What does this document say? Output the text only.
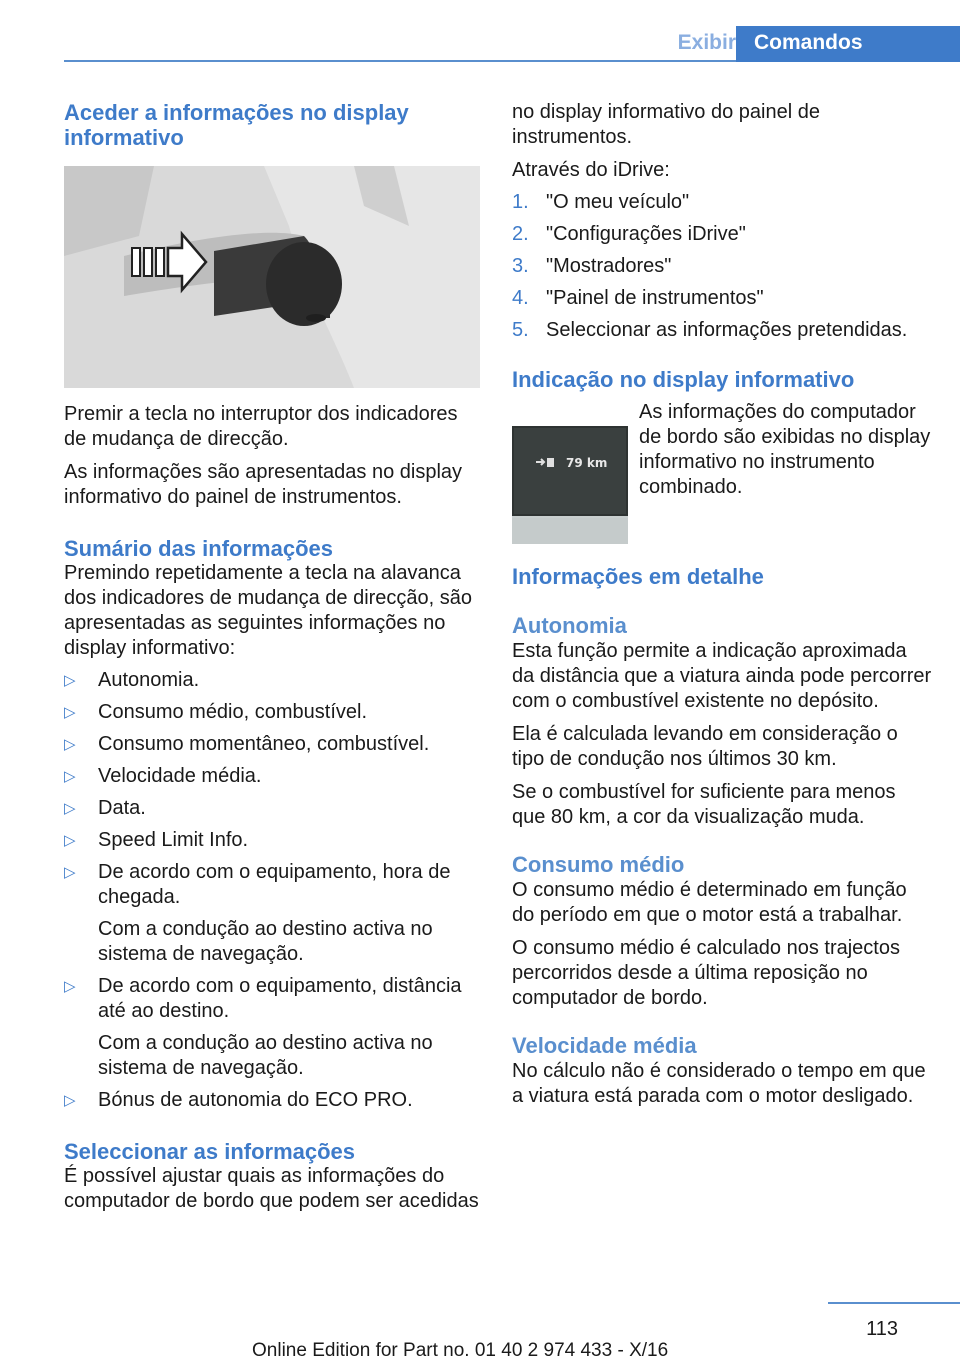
Exibir Comandos
Aceder a informações no display informativo

Premir a tecla no interruptor dos indicadores de mudança de direcção.

As informações são apresentadas no display informativo do painel de instrumentos.

Sumário das informações

Premindo repetidamente a tecla na alavanca dos indicadores de mudança de direcção, são apresentadas as seguintes informações no display informativo:

▷ Autonomia.
▷ Consumo médio, combustível.
▷ Consumo momentâneo, combustível.
▷ Velocidade média.
▷ Data.
▷ Speed Limit Info.
▷ De acordo com o equipamento, hora de chegada.

Com a condução ao destino activa no sistema de navegação.

▷ De acordo com o equipamento, distância até ao destino.

Com a condução ao destino activa no sistema de navegação.

▷ Bónus de autonomia do ECO PRO.
Seleccionar as informações

É possível ajustar quais as informações do computador de bordo que podem ser acedidas

no display informativo do painel de instrumentos.

Através do iDrive:

1. "O meu veículo"
2. "Configurações iDrive"
3. "Mostradores"
4. "Painel de instrumentos"
5. Seleccionar as informações pretendidas.
Indicação no display informativo
79 km

As informações do computador de bordo são exibidas no display informativo no instrumento combinado.

Informações em detalhe
Autonomia

Esta função permite a indicação aproximada da distância que a viatura ainda pode percorrer com o combustível existente no depósito.

Ela é calculada levando em consideração o tipo de condução nos últimos 30 km.

Se o combustível for suficiente para menos que 80 km, a cor da visualização muda.

Consumo médio

O consumo médio é determinado em função do período em que o motor está a trabalhar.

O consumo médio é calculado nos trajectos percorridos desde a última reposição no computador de bordo.

Velocidade média

No cálculo não é considerado o tempo em que a viatura está parada com o motor desligado.

113
Online Edition for Part no. 01 40 2 974 433 - X/16
